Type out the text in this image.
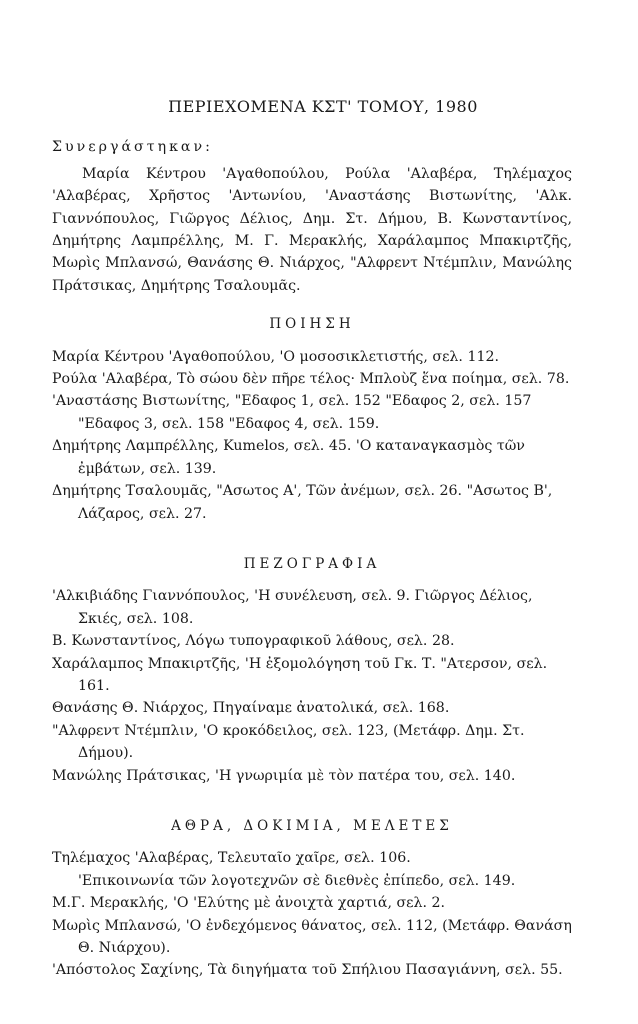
ΠΕΡΙΕΧΟΜΕΝΑ ΚΣΤ' ΤΟΜΟΥ, 1980
Συνεργάστηκαν:

Μαρία Κέντρου 'Αγαθοπούλου, Ρούλα 'Αλαβέρα, Τηλέμαχος 'Αλαβέρας, Χρῆστος 'Αντωνίου, 'Αναστάσης Βιστωνίτης, 'Αλκ. Γιαννόπουλος, Γιῶργος Δέλιος, Δημ. Στ. Δήμου, Β. Κωνσταντίνος, Δημήτρης Λαμπρέλλης, Μ. Γ. Μερακλής, Χαράλαμπος Μπακιρτζῆς, Μωρὶς Μπλανσώ, Θανάσης Θ. Νιάρχος, "Αλφρεντ Ντέμπλιν, Μανώλης Πράτσικας, Δημήτρης Τσαλουμᾶς.

ΠΟΙΗΣΗ

Μαρία Κέντρου 'Αγαθοπούλου, 'Ο μοσοσικλετιστής, σελ. 112.

Ρούλα 'Αλαβέρα, Τὸ σώου δὲν πῆρε τέλος· Μπλοὺζ ἕνα ποίημα, σελ. 78.

'Αναστάσης Βιστωνίτης, "Εδαφος 1, σελ. 152 "Εδαφος 2, σελ. 157 "Εδαφος 3, σελ. 158 "Εδαφος 4, σελ. 159.

Δημήτρης Λαμπρέλλης, Kumelos, σελ. 45. 'Ο καταναγκασμὸς τῶν ἐμβάτων, σελ. 139.

Δημήτρης Τσαλουμᾶς, "Ασωτος Α', Τῶν ἀνέμων, σελ. 26. "Ασωτος Β', Λάζαρος, σελ. 27.

ΠΕΖΟΓΡΑΦΙΑ

'Αλκιβιάδης Γιαννόπουλος, 'Η συνέλευση, σελ. 9. Γιῶργος Δέλιος, Σκιές, σελ. 108.

Β. Κωνσταντίνος, Λόγω τυπογραφικοῦ λάθους, σελ. 28.

Χαράλαμπος Μπακιρτζῆς, 'Η ἐξομολόγηση τοῦ Γκ. Τ. "Ατερσον, σελ. 161.

Θανάσης Θ. Νιάρχος, Πηγαίναμε ἀνατολικά, σελ. 168.

"Αλφρεντ Ντέμπλιν, 'Ο κροκόδειλος, σελ. 123, (Μετάφρ. Δημ. Στ. Δήμου).

Μανώλης Πράτσικας, 'Η γνωριμία μὲ τὸν πατέρα του, σελ. 140.

ΑΘΡΑ, ΔΟΚΙΜΙΑ, ΜΕΛΕΤΕΣ

Τηλέμαχος 'Αλαβέρας, Τελευταῖο χαῖρε, σελ. 106.

'Επικοινωνία τῶν λογοτεχνῶν σὲ διεθνὲς ἐπίπεδο, σελ. 149.

Μ.Γ. Μερακλής, 'Ο 'Ελύτης μὲ ἀνοιχτὰ χαρτιά, σελ. 2.

Μωρὶς Μπλανσώ, 'Ο ἐνδεχόμενος θάνατος, σελ. 112, (Μετάφρ. Θανάση Θ. Νιάρχου).

'Απόστολος Σαχίνης, Τὰ διηγήματα τοῦ Σπήλιου Πασαγιάννη, σελ. 55.
